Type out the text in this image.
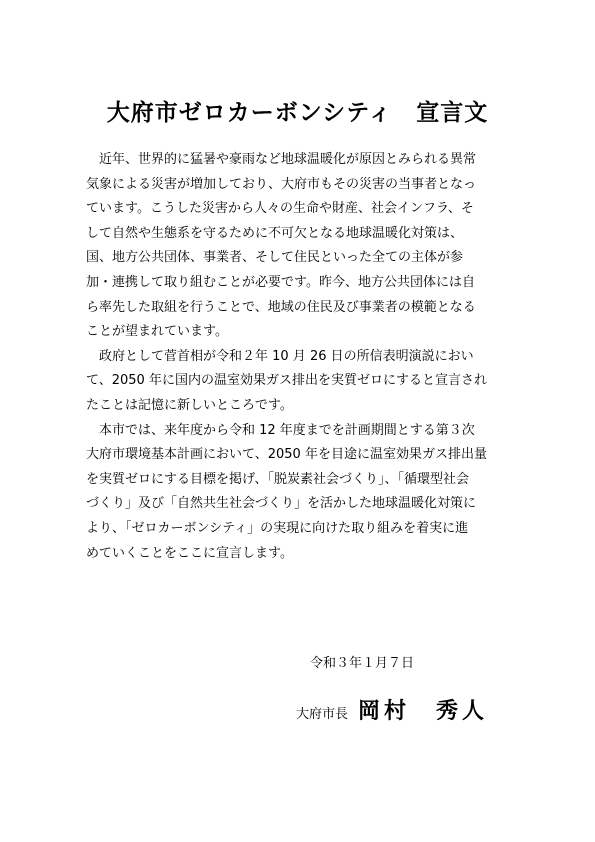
大府市ゼロカーボンシティ　宣言文
　近年、世界的に猛暑や豪雨など地球温暖化が原因とみられる異常
気象による災害が増加しており、大府市もその災害の当事者となっ
ています。こうした災害から人々の生命や財産、社会インフラ、そ
して自然や生態系を守るために不可欠となる地球温暖化対策は、
国、地方公共団体、事業者、そして住民といった全ての主体が参
加・連携して取り組むことが必要です。昨今、地方公共団体には自
ら率先した取組を行うことで、地域の住民及び事業者の模範となる
ことが望まれています。
　政府として菅首相が令和２年 10 月 26 日の所信表明演説におい
て、2050 年に国内の温室効果ガス排出を実質ゼロにすると宣言され
たことは記憶に新しいところです。
　本市では、来年度から令和 12 年度までを計画期間とする第３次
大府市環境基本計画において、2050 年を目途に温室効果ガス排出量
を実質ゼロにする目標を掲げ、「脱炭素社会づくり」、「循環型社会
づくり」及び「自然共生社会づくり」を活かした地球温暖化対策に
より、「ゼロカーボンシティ」の実現に向けた取り組みを着実に進
めていくことをここに宣言します。
令和３年１月７日
大府市長 岡村　秀人
